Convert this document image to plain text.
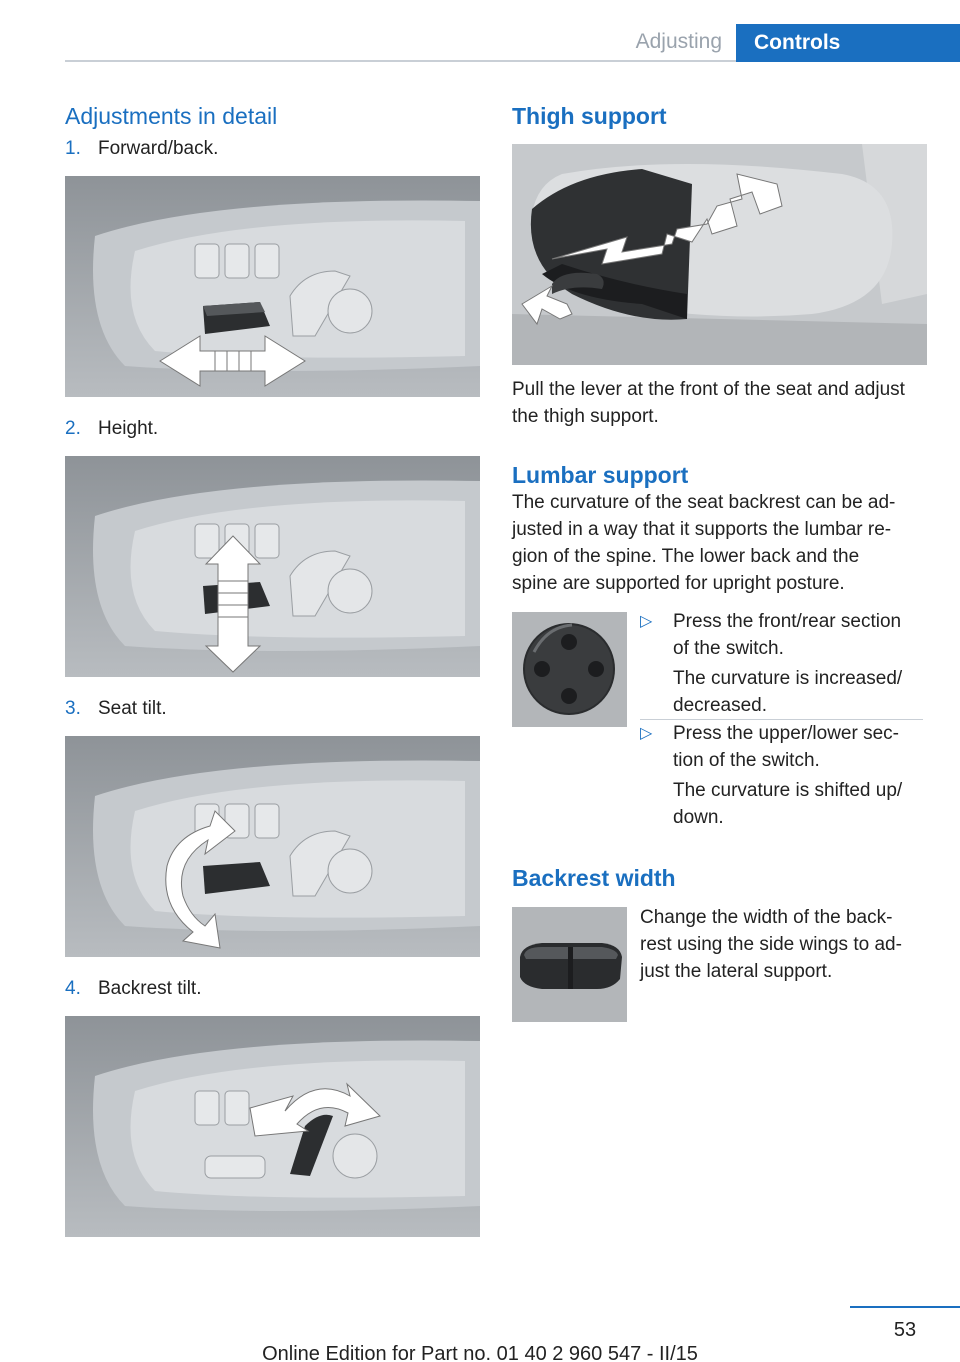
Adjusting	Controls
Adjustments in detail
1. Forward/back.
2. Height.
3. Seat tilt.
4. Backrest tilt.
Thigh support
Pull the lever at the front of the seat and adjust
the thigh support.
Lumbar support
The curvature of the seat backrest can be ad‐
justed in a way that it supports the lumbar re‐
gion of the spine. The lower back and the
spine are supported for upright posture.
▷ Press the front/rear section
of the switch.
The curvature is increased/
decreased.
▷ Press the upper/lower sec‐
tion of the switch.
The curvature is shifted up/
down.
Backrest width
Change the width of the back‐
rest using the side wings to ad‐
just the lateral support.
53
Online Edition for Part no. 01 40 2 960 547 - II/15
